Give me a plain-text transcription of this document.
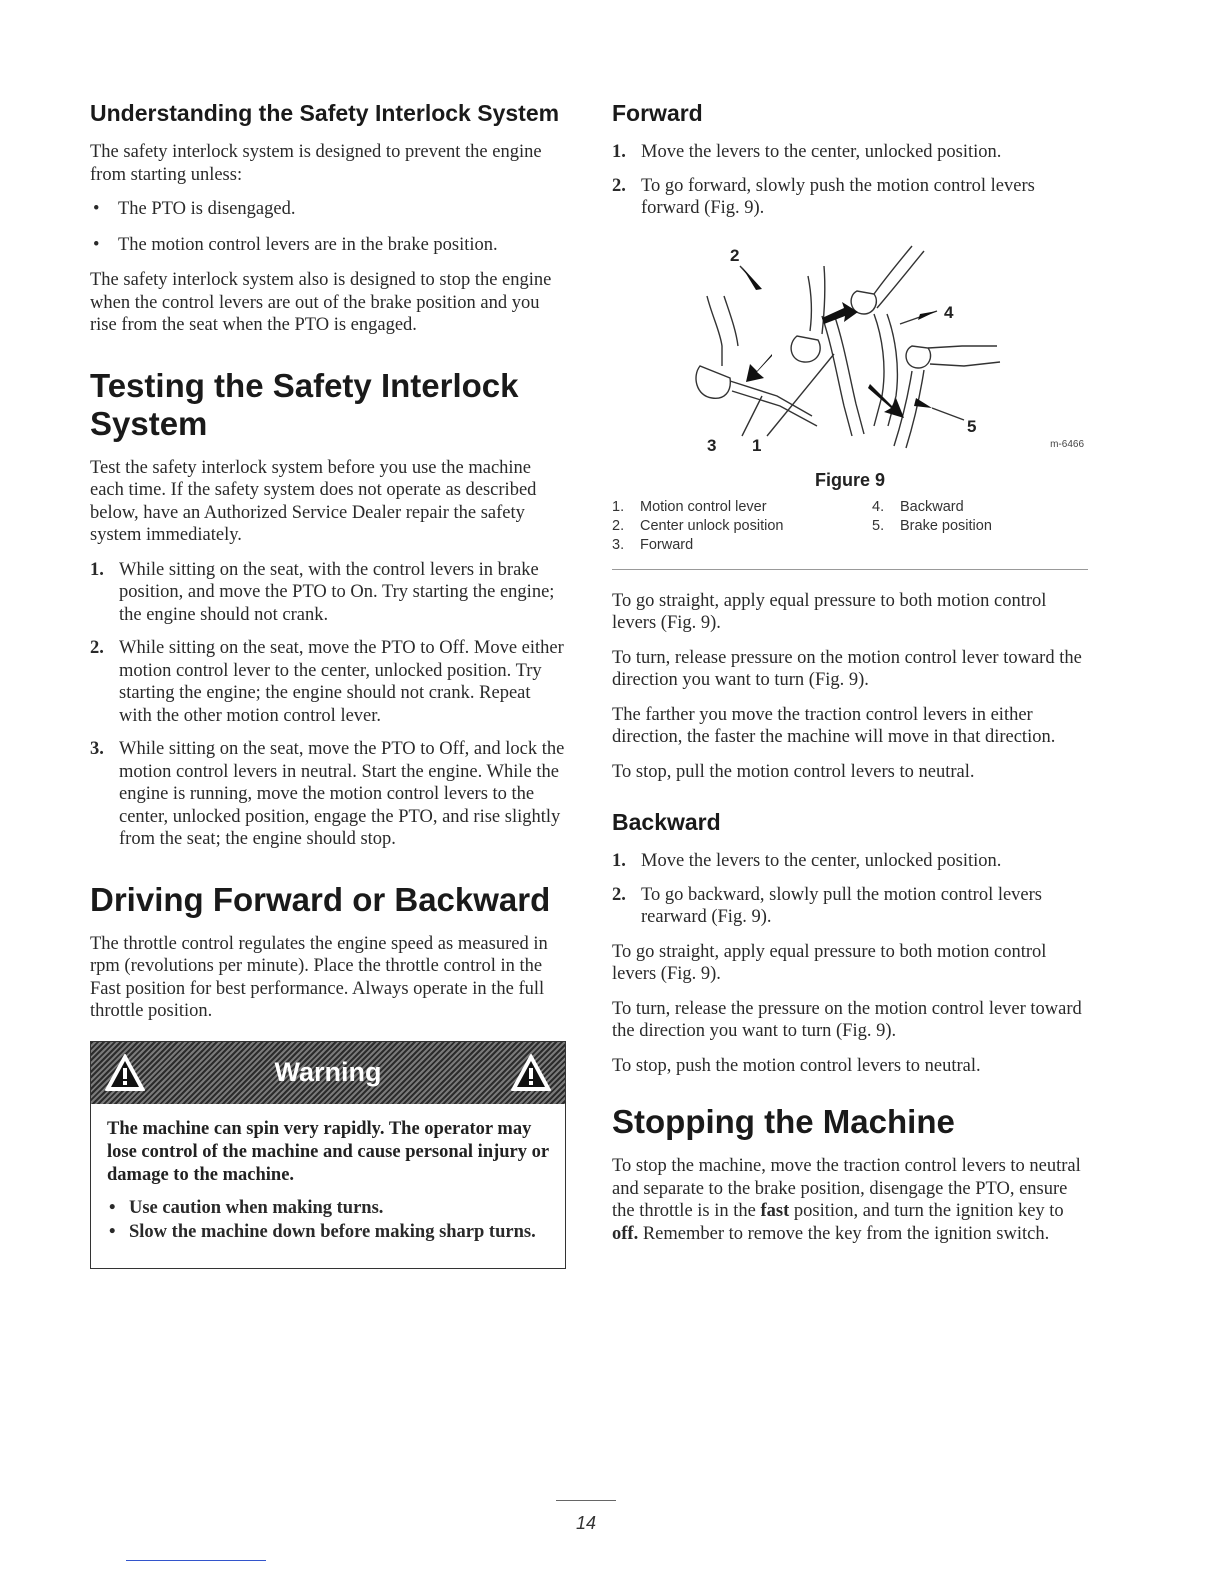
Understanding the Safety Interlock System

The safety interlock system is designed to prevent the engine from starting unless:

• The PTO is disengaged.
• The motion control levers are in the brake position.

The safety interlock system also is designed to stop the engine when the control levers are out of the brake position and you rise from the seat when the PTO is engaged.

Testing the Safety Interlock System

Test the safety interlock system before you use the machine each time. If the safety system does not operate as described below, have an Authorized Service Dealer repair the safety system immediately.

1. While sitting on the seat, with the control levers in brake position, and move the PTO to On. Try starting the engine; the engine should not crank.
2. While sitting on the seat, move the PTO to Off. Move either motion control lever to the center, unlocked position. Try starting the engine; the engine should not crank. Repeat with the other motion control lever.
3. While sitting on the seat, move the PTO to Off, and lock the motion control levers in neutral. Start the engine. While the engine is running, move the motion control levers to the center, unlocked position, engage the PTO, and rise slightly from the seat; the engine should stop.
Driving Forward or Backward

The throttle control regulates the engine speed as measured in rpm (revolutions per minute). Place the throttle control in the Fast position for best performance. Always operate in the full throttle position.

Warning

The machine can spin very rapidly. The operator may lose control of the machine and cause personal injury or damage to the machine.

• Use caution when making turns.
• Slow the machine down before making sharp turns.
Forward
1. Move the levers to the center, unlocked position.
2. To go forward, slowly push the motion control levers forward (Fig. 9).
2
4
3 1
5
m-6466
Figure 9
1.	Motion control lever	4.	Backward
2.	Center unlock position	5.	Brake position
3.	Forward

To go straight, apply equal pressure to both motion control levers (Fig. 9).

To turn, release pressure on the motion control lever toward the direction you want to turn (Fig. 9).

The farther you move the traction control levers in either direction, the faster the machine will move in that direction.

To stop, pull the motion control levers to neutral.

Backward
1. Move the levers to the center, unlocked position.
2. To go backward, slowly pull the motion control levers rearward (Fig. 9).

To go straight, apply equal pressure to both motion control levers (Fig. 9).

To turn, release the pressure on the motion control lever toward the direction you want to turn (Fig. 9).

To stop, push the motion control levers to neutral.

Stopping the Machine

To stop the machine, move the traction control levers to neutral and separate to the brake position, disengage the PTO, ensure the throttle is in the fast position, and turn the ignition key to off. Remember to remove the key from the ignition switch.

14
